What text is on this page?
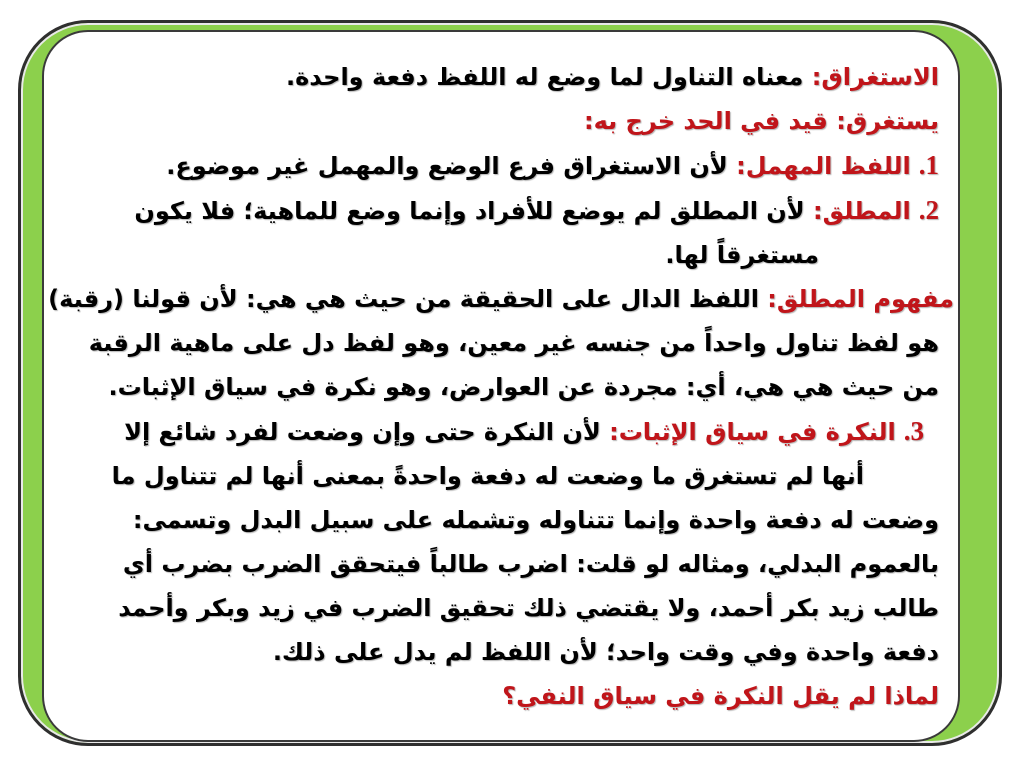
الاستغراق: معناه التناول لما وضع له اللفظ دفعة واحدة.
يستغرق: قيد في الحد خرج به:
1.اللفظ المهمل: لأن الاستغراق فرع الوضع والمهمل غير موضوع.
2.المطلق: لأن المطلق لم يوضع للأفراد وإنما وضع للماهية؛ فلا يكون
مستغرقاً لها.
مفهوم المطلق: اللفظ الدال على الحقيقة من حيث هي هي: لأن قولنا (رقبة)
هو لفظ تناول واحداً من جنسه غير معين، وهو لفظ دل على ماهية الرقبة
من حيث هي هي، أي: مجردة عن العوارض، وهو نكرة في سياق الإثبات.
3.النكرة في سياق الإثبات: لأن النكرة حتى وإن وضعت لفرد شائع إلا
أنها لم تستغرق ما وضعت له دفعة واحدةً بمعنى أنها لم تتناول ما
وضعت له دفعة واحدة وإنما تتناوله وتشمله على سبيل البدل وتسمى:
بالعموم البدلي، ومثاله لو قلت: اضرب طالباً فيتحقق الضرب بضرب أي
طالب زيد بكر أحمد، ولا يقتضي ذلك تحقيق الضرب في زيد وبكر وأحمد
دفعة واحدة وفي وقت واحد؛ لأن اللفظ لم يدل على ذلك.
لماذا لم يقل النكرة في سياق النفي؟
